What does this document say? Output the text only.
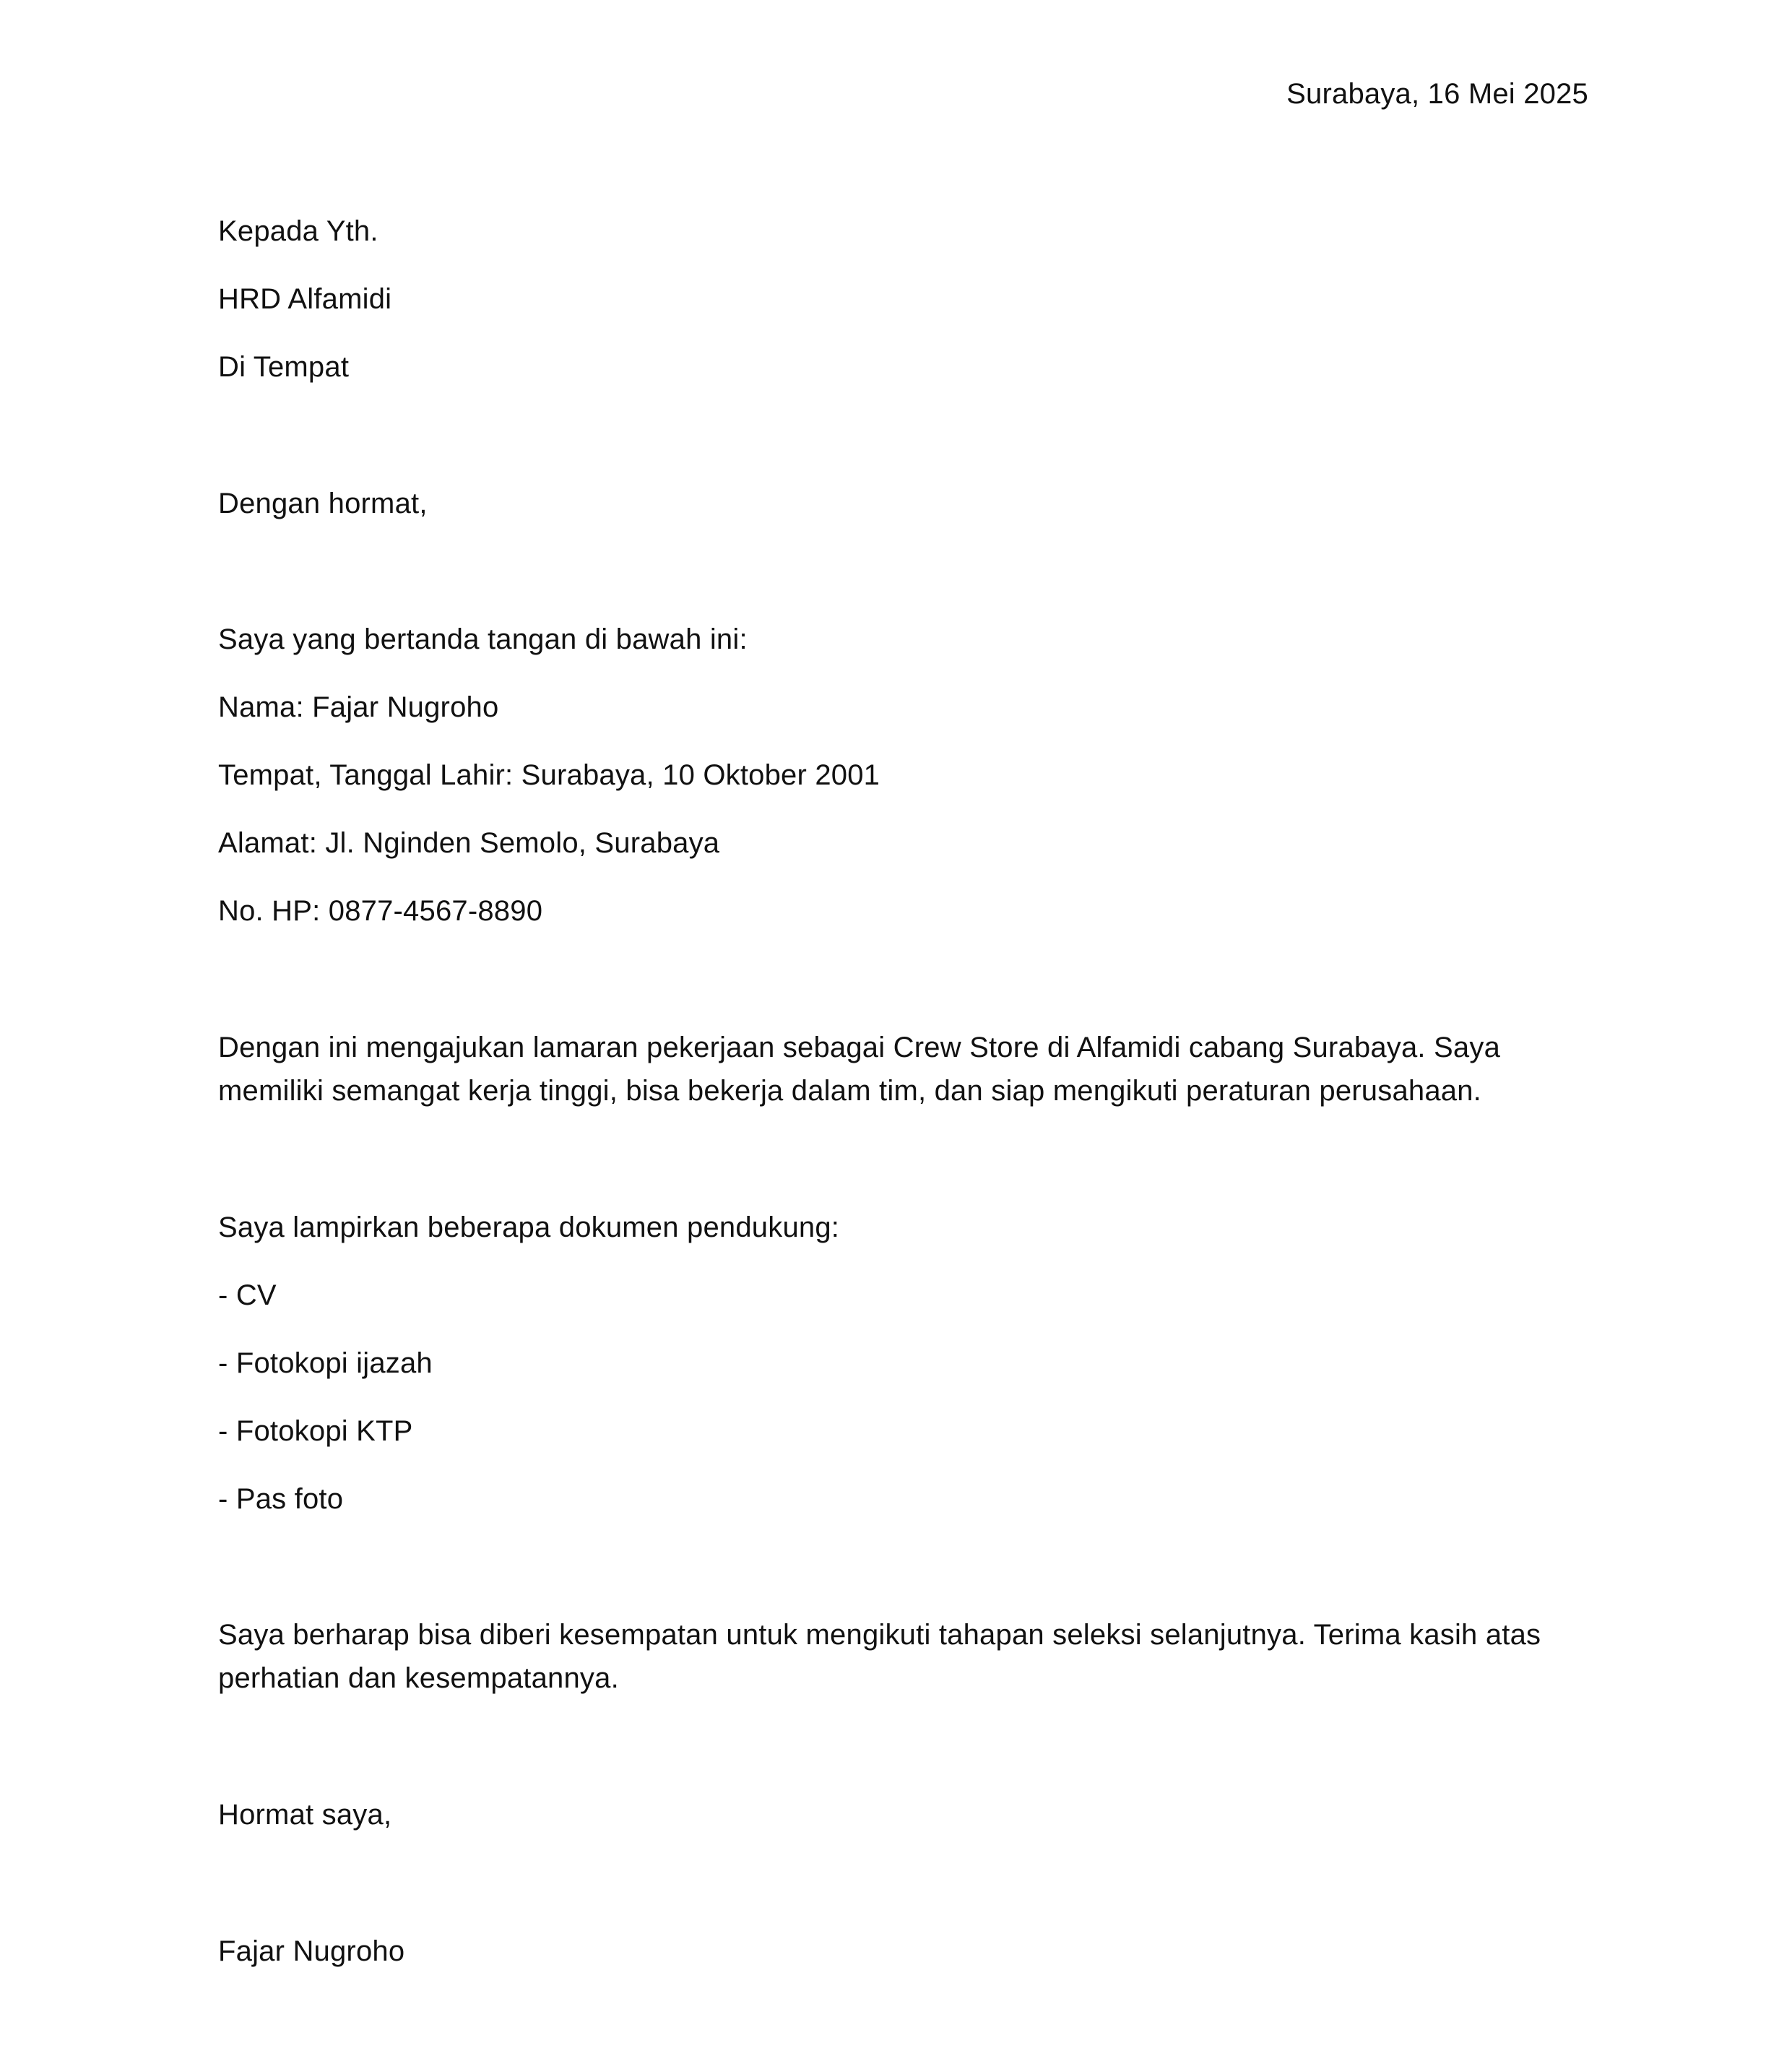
Surabaya, 16 Mei 2025
Kepada Yth.
HRD Alfamidi
Di Tempat
Dengan hormat,
Saya yang bertanda tangan di bawah ini:
Nama: Fajar Nugroho
Tempat, Tanggal Lahir: Surabaya, 10 Oktober 2001
Alamat: Jl. Nginden Semolo, Surabaya
No. HP: 0877-4567-8890
Dengan ini mengajukan lamaran pekerjaan sebagai Crew Store di Alfamidi cabang Surabaya. Saya memiliki semangat kerja tinggi, bisa bekerja dalam tim, dan siap mengikuti peraturan perusahaan.
Saya lampirkan beberapa dokumen pendukung:
- CV
- Fotokopi ijazah
- Fotokopi KTP
- Pas foto
Saya berharap bisa diberi kesempatan untuk mengikuti tahapan seleksi selanjutnya. Terima kasih atas perhatian dan kesempatannya.
Hormat saya,
Fajar Nugroho
